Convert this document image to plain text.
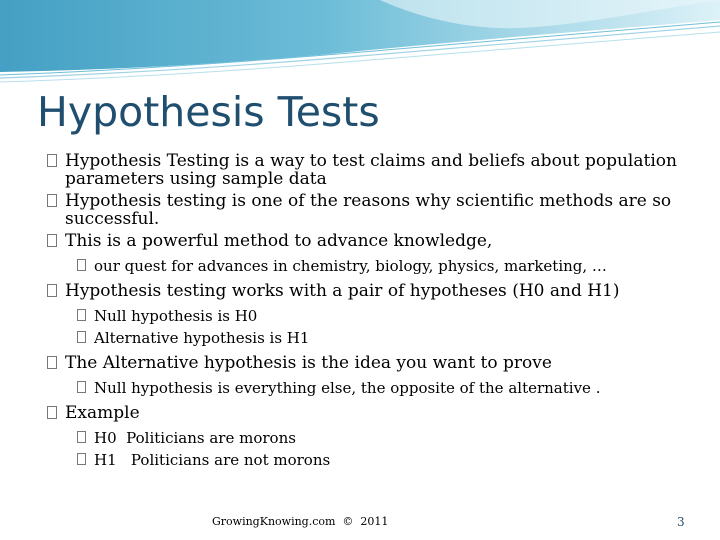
Hypothesis Tests
Hypothesis Testing is a way to test claims and beliefs about population parameters using sample data
Hypothesis testing is one of the reasons why scientific methods are so successful.
This is a powerful method to advance knowledge,
our quest for advances in chemistry, biology, physics, marketing, …
Hypothesis testing works with a pair of hypotheses (H0 and H1)
Null hypothesis is H0
Alternative hypothesis is H1
The Alternative hypothesis is the idea you want to prove
Null hypothesis is everything else, the opposite of the alternative .
Example
H0  Politicians are morons
H1   Politicians are not morons
GrowingKnowing.com  ©  2011	3
